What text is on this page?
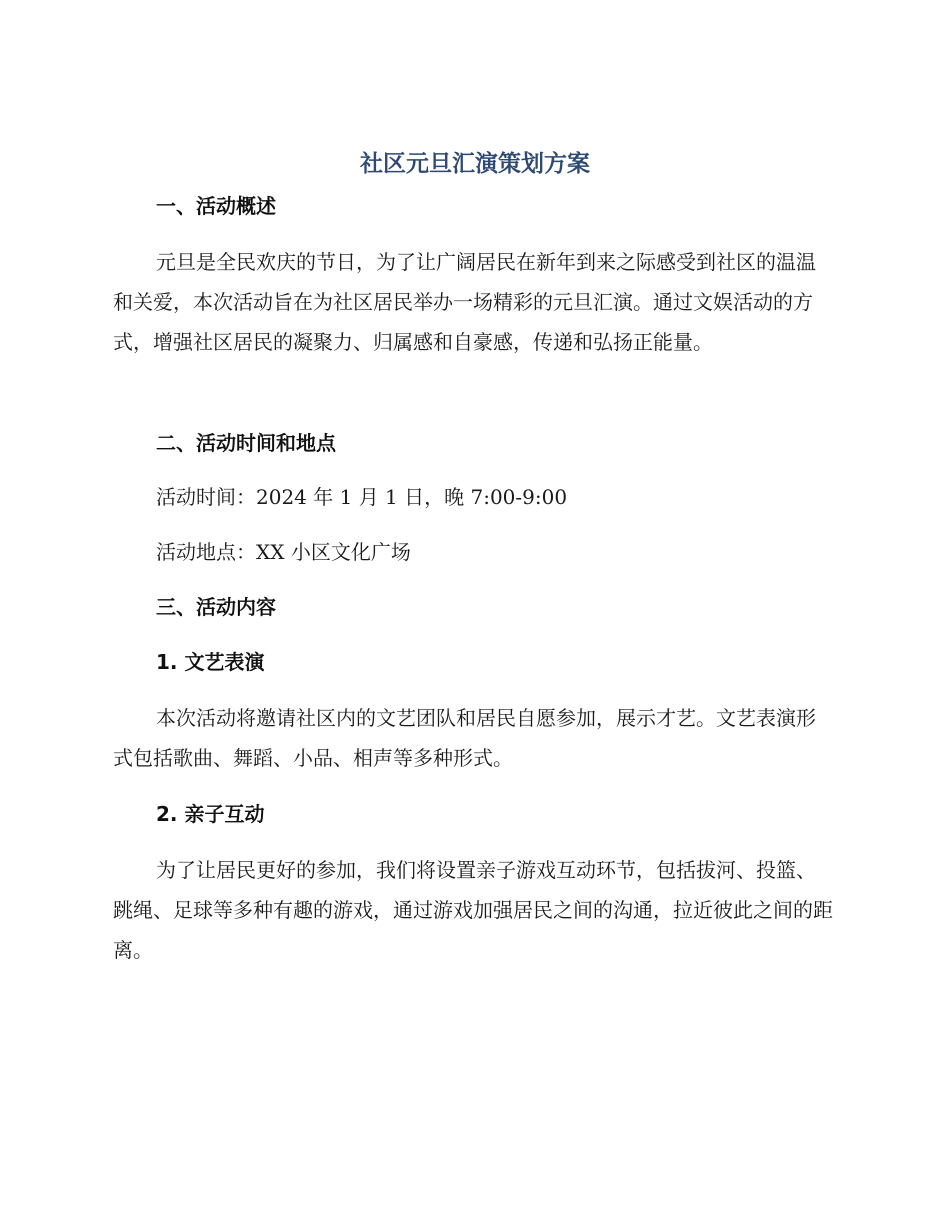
社区元旦汇演策划方案
一、活动概述

元旦是全民欢庆的节日，为了让广阔居民在新年到来之际感受到社区的温温和关爱，本次活动旨在为社区居民举办一场精彩的元旦汇演。通过文娱活动的方式，增强社区居民的凝聚力、归属感和自豪感，传递和弘扬正能量。

二、活动时间和地点

活动时间：2024 年 1 月 1 日，晚 7:00-9:00

活动地点：XX 小区文化广场

三、活动内容
1. 文艺表演

本次活动将邀请社区内的文艺团队和居民自愿参加，展示才艺。文艺表演形式包括歌曲、舞蹈、小品、相声等多种形式。

2. 亲子互动

为了让居民更好的参加，我们将设置亲子游戏互动环节，包括拔河、投篮、跳绳、足球等多种有趣的游戏，通过游戏加强居民之间的沟通，拉近彼此之间的距离。
